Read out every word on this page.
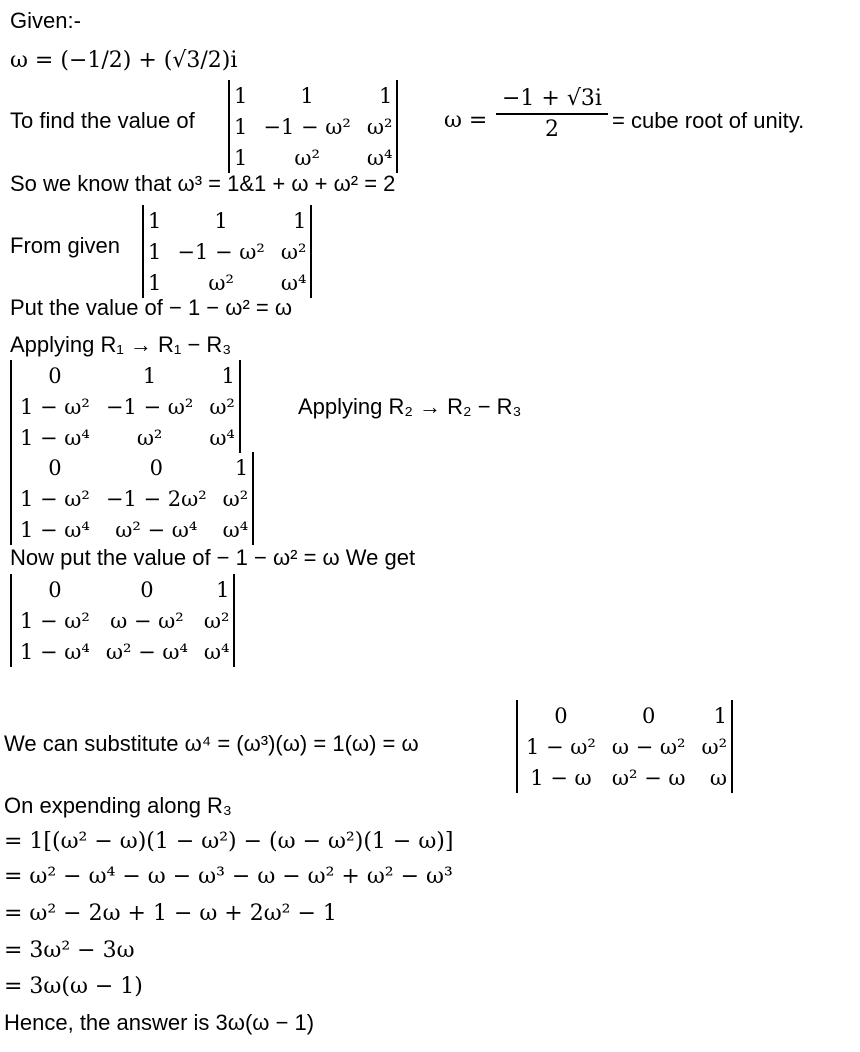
Given:-
ω = (−1/2) + (√3/2)i
To find the value of
1	1	1
1	−1 − ω²	ω²
1	ω²	ω⁴
$\omega = \frac{-1 + √3i}{2}$ = cube root of unity.
So we know that ω³ = 1&1 + ω + ω² = 2
From given
1	1	1
1	−1 − ω²	ω²
1	ω²	ω⁴
Put the value of − 1 − ω² = ω
Applying R₁ → R₁ − R₃
0	1	1
1 − ω²	−1 − ω²	ω²
1 − ω⁴	ω²	ω⁴
Applying R₂ → R₂ − R₃
0	0	1
1 − ω²	−1 − 2ω²	ω²
1 − ω⁴	ω² − ω⁴	ω⁴
Now put the value of − 1 − ω² = ω We get
0	0	1
1 − ω²	ω − ω²	ω²
1 − ω⁴	ω² − ω⁴	ω⁴
We can substitute ω⁴ = (ω³)(ω) = 1(ω) = ω
0	0	1
1 − ω²	ω − ω²	ω²
1 − ω	ω² − ω	ω
On expending along R₃
= 1[(ω² − ω)(1 − ω²) − (ω − ω²)(1 − ω)]
= ω² − ω⁴ − ω − ω³ − ω − ω² + ω² − ω³
= ω² − 2ω + 1 − ω + 2ω² − 1
= 3ω² − 3ω
= 3ω(ω − 1)
Hence, the answer is 3ω(ω − 1)
